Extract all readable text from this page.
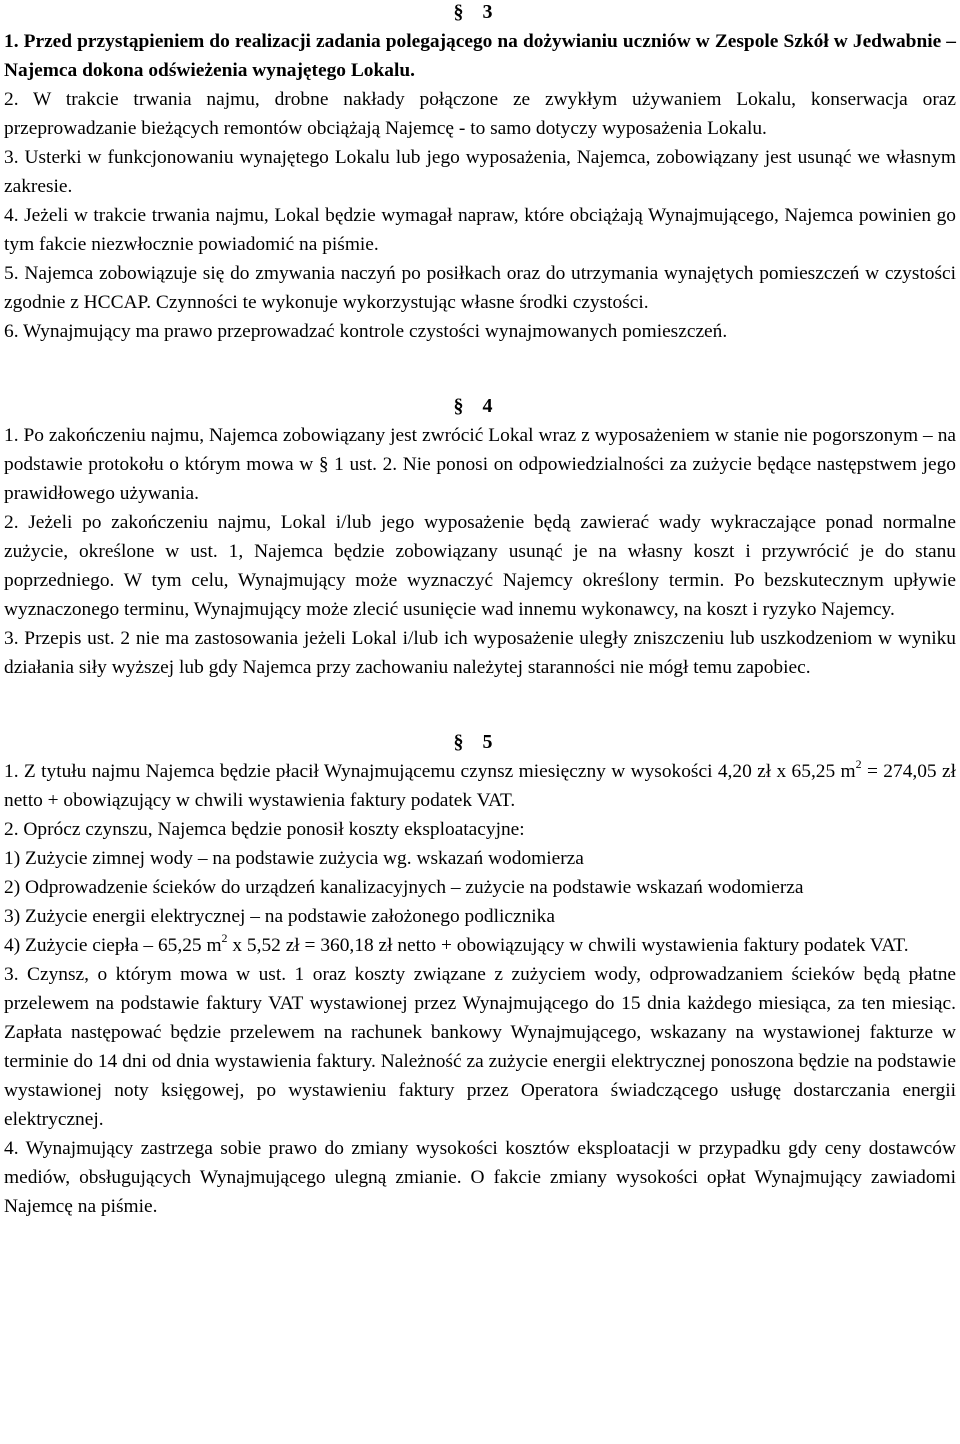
§ 3

1. Przed przystąpieniem do realizacji zadania polegającego na dożywianiu uczniów w Zespole Szkół w Jedwabnie – Najemca dokona odświeżenia wynajętego Lokalu.

2. W trakcie trwania najmu, drobne nakłady połączone ze zwykłym używaniem Lokalu, konserwacja oraz przeprowadzanie bieżących remontów obciążają Najemcę - to samo dotyczy wyposażenia Lokalu.

3. Usterki w funkcjonowaniu wynajętego Lokalu lub jego wyposażenia, Najemca, zobowiązany jest usunąć we własnym zakresie.

4. Jeżeli w trakcie trwania najmu, Lokal będzie wymagał napraw, które obciążają Wynajmującego, Najemca powinien go tym fakcie niezwłocznie powiadomić na piśmie.

5. Najemca zobowiązuje się do zmywania naczyń po posiłkach oraz do utrzymania wynajętych pomieszczeń w czystości zgodnie z HCCAP. Czynności te wykonuje wykorzystując własne środki czystości.

6. Wynajmujący ma prawo przeprowadzać kontrole czystości wynajmowanych pomieszczeń.

§ 4

1. Po zakończeniu najmu, Najemca zobowiązany jest zwrócić Lokal wraz z wyposażeniem w stanie nie pogorszonym – na podstawie protokołu o którym mowa w § 1 ust. 2. Nie ponosi on odpowiedzialności za zużycie będące następstwem jego prawidłowego używania.

2. Jeżeli po zakończeniu najmu, Lokal i/lub jego wyposażenie będą zawierać wady wykraczające ponad normalne zużycie, określone w ust. 1, Najemca będzie zobowiązany usunąć je na własny koszt i przywrócić je do stanu poprzedniego. W tym celu, Wynajmujący może wyznaczyć Najemcy określony termin. Po bezskutecznym upływie wyznaczonego terminu, Wynajmujący może zlecić usunięcie wad innemu wykonawcy, na koszt i ryzyko Najemcy.

3. Przepis ust. 2 nie ma zastosowania jeżeli Lokal i/lub ich wyposażenie uległy zniszczeniu lub uszkodzeniom w wyniku działania siły wyższej lub gdy Najemca przy zachowaniu należytej staranności nie mógł temu zapobiec.

§ 5

1. Z tytułu najmu Najemca będzie płacił Wynajmującemu czynsz miesięczny w wysokości 4,20 zł x 65,25 $m^2 = 274,05$ zł netto + obowiązujący w chwili wystawienia faktury podatek VAT.

2. Oprócz czynszu, Najemca będzie ponosił koszty eksploatacyjne:

1) Zużycie zimnej wody – na podstawie zużycia wg. wskazań wodomierza

2) Odprowadzenie ścieków do urządzeń kanalizacyjnych – zużycie na podstawie wskazań wodomierza

3) Zużycie energii elektrycznej – na podstawie założonego podlicznika

4) Zużycie ciepła – 65,25 $m^2$ x 5,52 zł = 360,18 zł netto + obowiązujący w chwili wystawienia faktury podatek VAT.

3. Czynsz, o którym mowa w ust. 1 oraz koszty związane z zużyciem wody, odprowadzaniem ścieków będą płatne przelewem na podstawie faktury VAT wystawionej przez Wynajmującego do 15 dnia każdego miesiąca, za ten miesiąc. Zapłata następować będzie przelewem na rachunek bankowy Wynajmującego, wskazany na wystawionej fakturze w terminie do 14 dni od dnia wystawienia faktury. Należność za zużycie energii elektrycznej ponoszona będzie na podstawie wystawionej noty księgowej, po wystawieniu faktury przez Operatora świadczącego usługę dostarczania energii elektrycznej.

4. Wynajmujący zastrzega sobie prawo do zmiany wysokości kosztów eksploatacji w przypadku gdy ceny dostawców mediów, obsługujących Wynajmującego ulegną zmianie. O fakcie zmiany wysokości opłat Wynajmujący zawiadomi Najemcę na piśmie.
